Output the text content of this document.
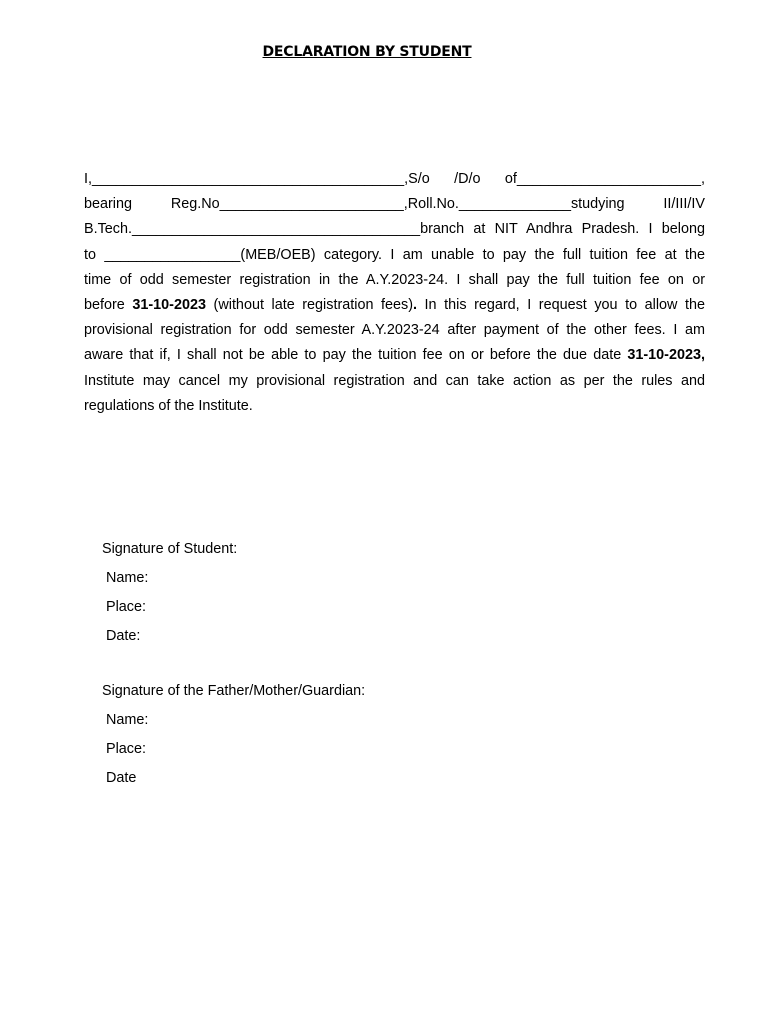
DECLARATION BY STUDENT
I,_______________________________________,S/o /D/o of_______________________,
bearing	Reg.No_______________________,Roll.No.______________studying	II/III/IV
B.Tech.____________________________________branch at NIT Andhra Pradesh. I belong
to _________________(MEB/OEB) category. I am unable to pay the full tuition fee at the
time of odd semester registration in the A.Y.2023-24. I shall pay the full tuition fee on or
before 31-10-2023 (without late registration fees). In this regard, I request you to allow the
provisional registration for odd semester A.Y.2023-24 after payment of the other fees. I am
aware that if, I shall not be able to pay the tuition fee on or before the due date 31-10-2023,
Institute may cancel my provisional registration and can take action as per the rules and
regulations of the Institute.
Signature of Student:
Name:
Place:
Date:
Signature of the Father/Mother/Guardian:
Name:
Place:
Date
